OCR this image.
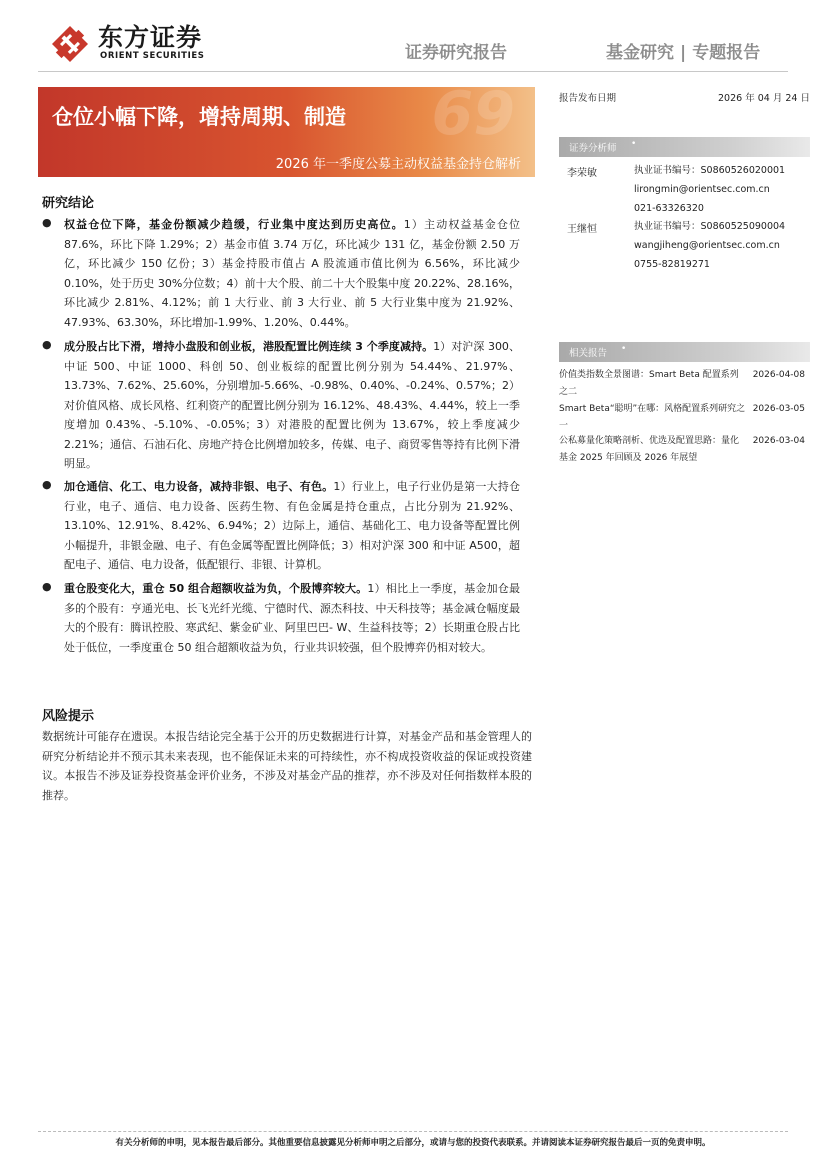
东方证券
ORIENT SECURITIES	证券研究报告	基金研究 | 专题报告
69
仓位小幅下降，增持周期、制造
2026 年一季度公募主动权益基金持仓解析
研究结论
● 权益仓位下降，基金份额减少趋缓，行业集中度达到历史高位。1）主动权益基金仓位 87.6%，环比下降 1.29%；2）基金市值 3.74 万亿，环比减少 131 亿，基金份额 2.50 万亿，环比减少 150 亿份；3）基金持股市值占 A 股流通市值比例为 6.56%，环比减少 0.10%，处于历史 30%分位数；4）前十大个股、前二十大个股集中度 20.22%、28.16%，环比减少 2.81%、4.12%；前 1 大行业、前 3 大行业、前 5 大行业集中度为 21.92%、47.93%、63.30%，环比增加-1.99%、1.20%、0.44%。
● 成分股占比下滑，增持小盘股和创业板，港股配置比例连续 3 个季度减持。1）对沪深 300、中证 500、中证 1000、科创 50、创业板综的配置比例分别为 54.44%、21.97%、13.73%、7.62%、25.60%，分别增加-5.66%、-0.98%、0.40%、-0.24%、0.57%；2）对价值风格、成长风格、红利资产的配置比例分别为 16.12%、48.43%、4.44%，较上一季度增加 0.43%、-5.10%、-0.05%；3）对港股的配置比例为 13.67%，较上季度减少 2.21%；通信、石油石化、房地产持仓比例增加较多，传媒、电子、商贸零售等持有比例下滑明显。
● 加仓通信、化工、电力设备，减持非银、电子、有色。1）行业上，电子行业仍是第一大持仓行业，电子、通信、电力设备、医药生物、有色金属是持仓重点，占比分别为 21.92%、13.10%、12.91%、8.42%、6.94%；2）边际上，通信、基础化工、电力设备等配置比例小幅提升，非银金融、电子、有色金属等配置比例降低；3）相对沪深 300 和中证 A500，超配电子、通信、电力设备，低配银行、非银、计算机。
● 重仓股变化大，重仓 50 组合超额收益为负，个股博弈较大。1）相比上一季度，基金加仓最多的个股有：亨通光电、长飞光纤光缆、宁德时代、源杰科技、中天科技等；基金减仓幅度最大的个股有：腾讯控股、寒武纪、紫金矿业、阿里巴巴- W、生益科技等；2）长期重仓股占比处于低位，一季度重仓 50 组合超额收益为负，行业共识较强，但个股博弈仍相对较大。
风险提示
数据统计可能存在遗误。本报告结论完全基于公开的历史数据进行计算，对基金产品和基金管理人的研究分析结论并不预示其未来表现，也不能保证未来的可持续性，亦不构成投资收益的保证或投资建议。本报告不涉及证券投资基金评价业务，不涉及对基金产品的推荐，亦不涉及对任何指数样本股的推荐。
报告发布日期	2026 年 04 月 24 日
证券分析师 •
李荣敏	执业证书编号：S0860526020001
lirongmin@orientsec.com.cn
021-63326320
王继恒	执业证书编号：S0860525090004
wangjiheng@orientsec.com.cn
0755-82819271
相关报告 •
价值类指数全景图谱：Smart Beta 配置系列之二
2026-04-08
Smart Beta“聪明”在哪：风格配置系列研究之一
2026-03-05
公私募量化策略剖析、优选及配置思路：量化基金 2025 年回顾及 2026 年展望
2026-03-04
有关分析师的申明，见本报告最后部分。其他重要信息披露见分析师申明之后部分，或请与您的投资代表联系。并请阅读本证券研究报告最后一页的免责申明。
